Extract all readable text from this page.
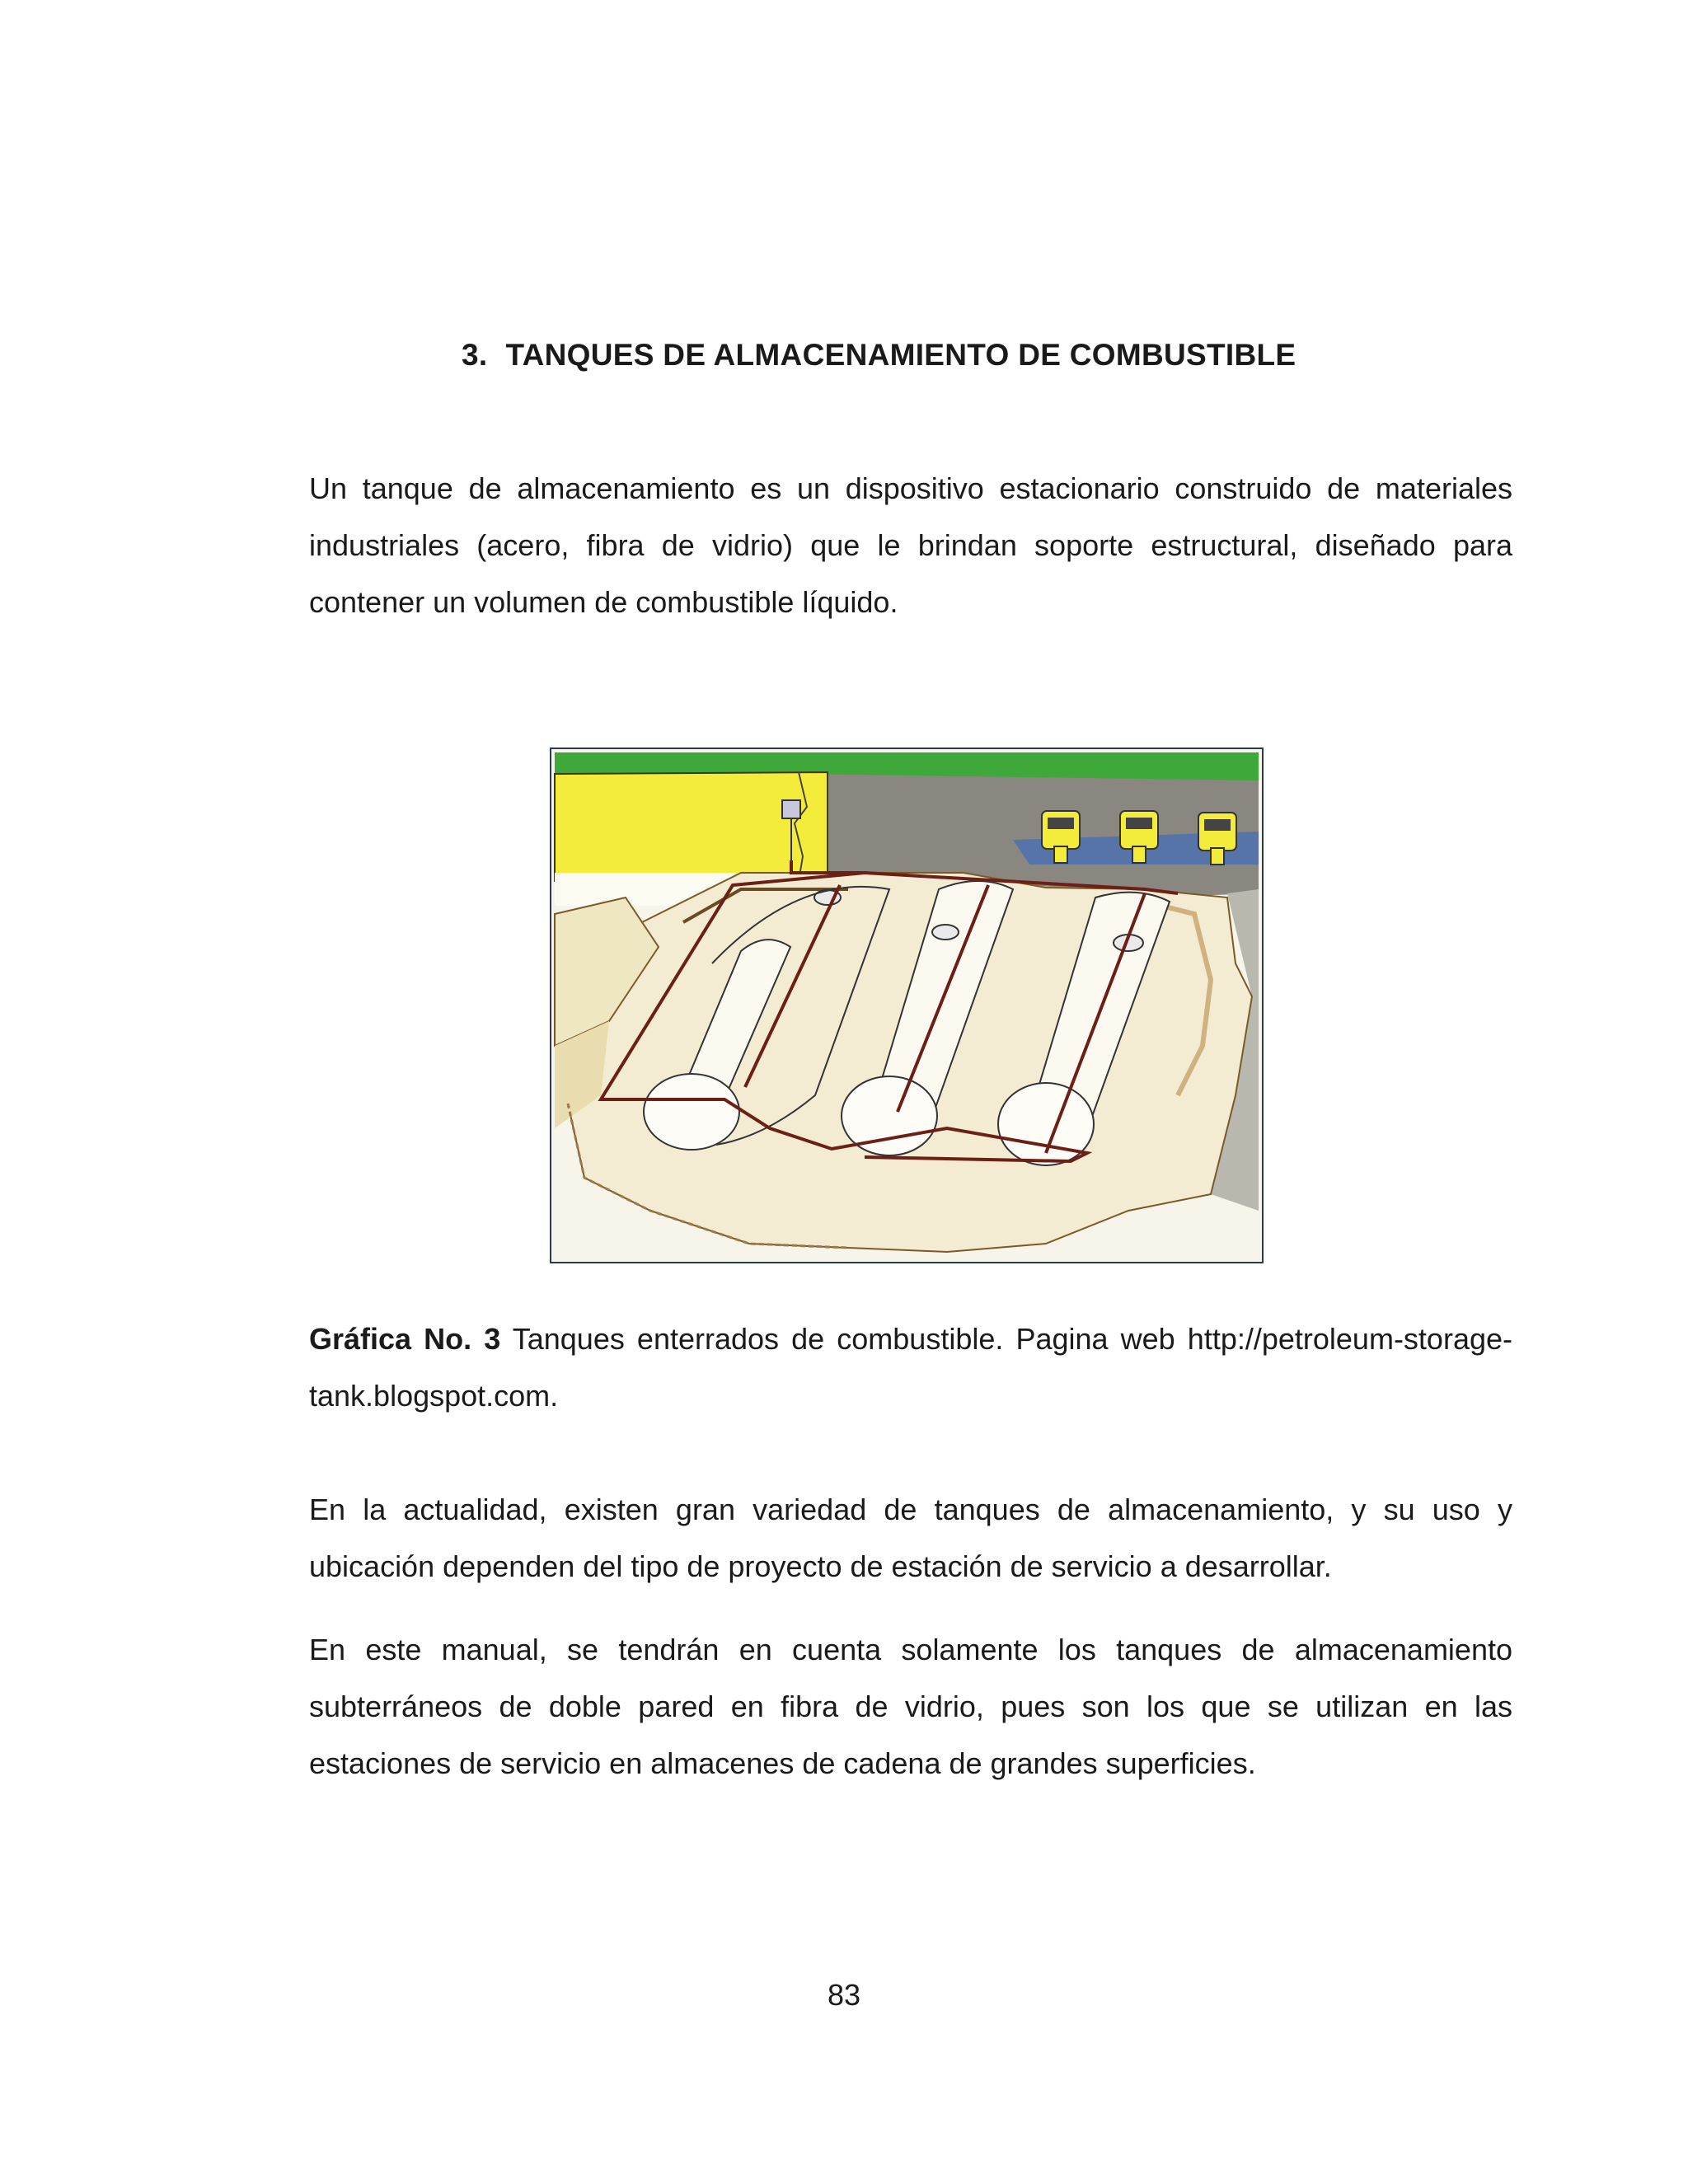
3. TANQUES DE ALMACENAMIENTO DE COMBUSTIBLE
Un tanque de almacenamiento es un dispositivo estacionario construido de materiales industriales (acero, fibra de vidrio) que le brindan soporte estructural, diseñado para contener un volumen de combustible líquido.
Gráfica No. 3 Tanques enterrados de combustible. Pagina web http://petroleum-storage-tank.blogspot.com.
En la actualidad, existen gran variedad de tanques de almacenamiento, y su uso y ubicación dependen del tipo de proyecto de estación de servicio a desarrollar.
En este manual, se tendrán en cuenta solamente los tanques de almacenamiento subterráneos de doble pared en fibra de vidrio, pues son los que se utilizan en las estaciones de servicio en almacenes de cadena de grandes superficies.
83
